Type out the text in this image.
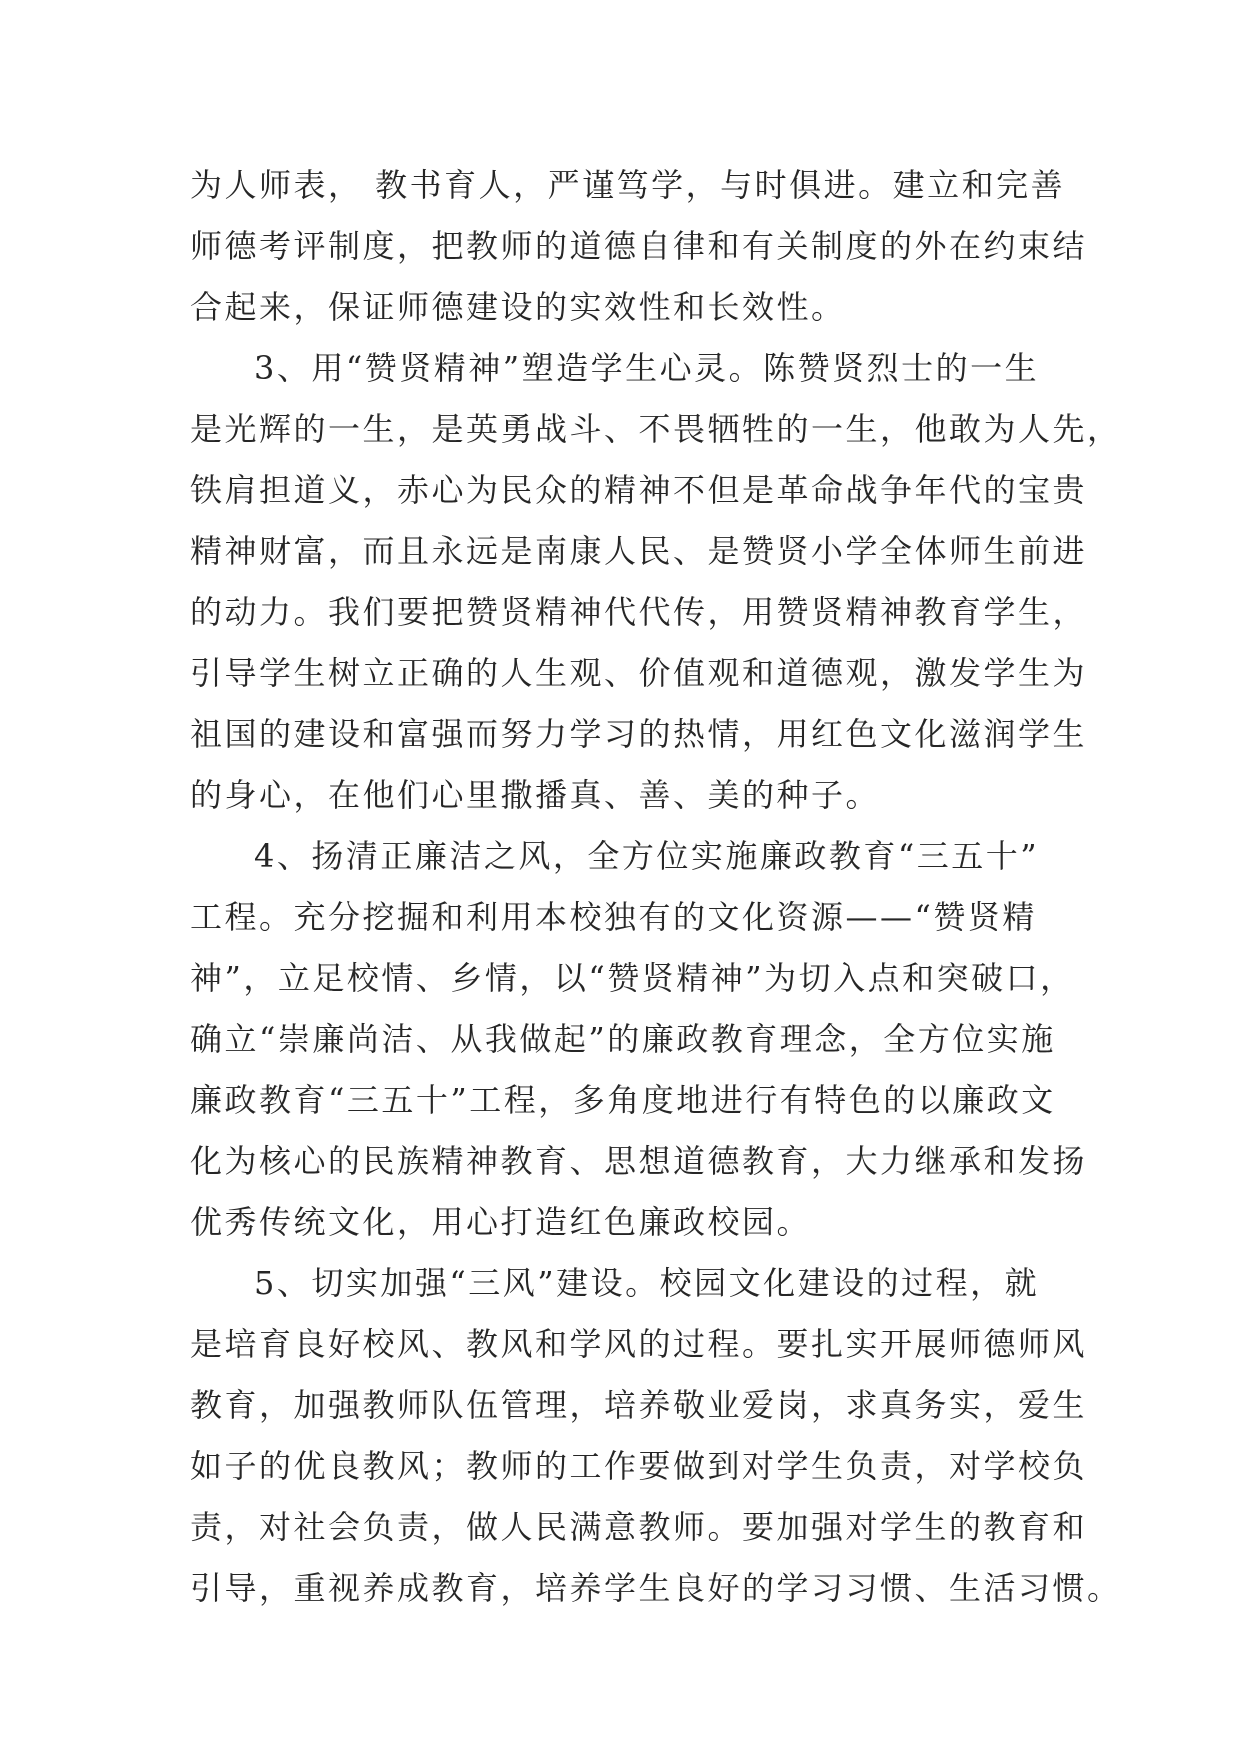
为人师表， 教书育人，严谨笃学，与时俱进。建立和完善
师德考评制度，把教师的道德自律和有关制度的外在约束结
合起来，保证师德建设的实效性和长效性。
3、用“赞贤精神”塑造学生心灵。陈赞贤烈士的一生
是光辉的一生，是英勇战斗、不畏牺牲的一生，他敢为人先，
铁肩担道义，赤心为民众的精神不但是革命战争年代的宝贵
精神财富，而且永远是南康人民、是赞贤小学全体师生前进
的动力。我们要把赞贤精神代代传，用赞贤精神教育学生，
引导学生树立正确的人生观、价值观和道德观，激发学生为
祖国的建设和富强而努力学习的热情，用红色文化滋润学生
的身心，在他们心里撒播真、善、美的种子。
4、扬清正廉洁之风，全方位实施廉政教育“三五十”
工程。充分挖掘和利用本校独有的文化资源——“赞贤精
神”，立足校情、乡情，以“赞贤精神”为切入点和突破口，
确立“崇廉尚洁、从我做起”的廉政教育理念，全方位实施
廉政教育“三五十”工程，多角度地进行有特色的以廉政文
化为核心的民族精神教育、思想道德教育，大力继承和发扬
优秀传统文化，用心打造红色廉政校园。
5、切实加强“三风”建设。校园文化建设的过程，就
是培育良好校风、教风和学风的过程。要扎实开展师德师风
教育，加强教师队伍管理，培养敬业爱岗，求真务实，爱生
如子的优良教风；教师的工作要做到对学生负责，对学校负
责，对社会负责，做人民满意教师。要加强对学生的教育和
引导，重视养成教育，培养学生良好的学习习惯、生活习惯。
